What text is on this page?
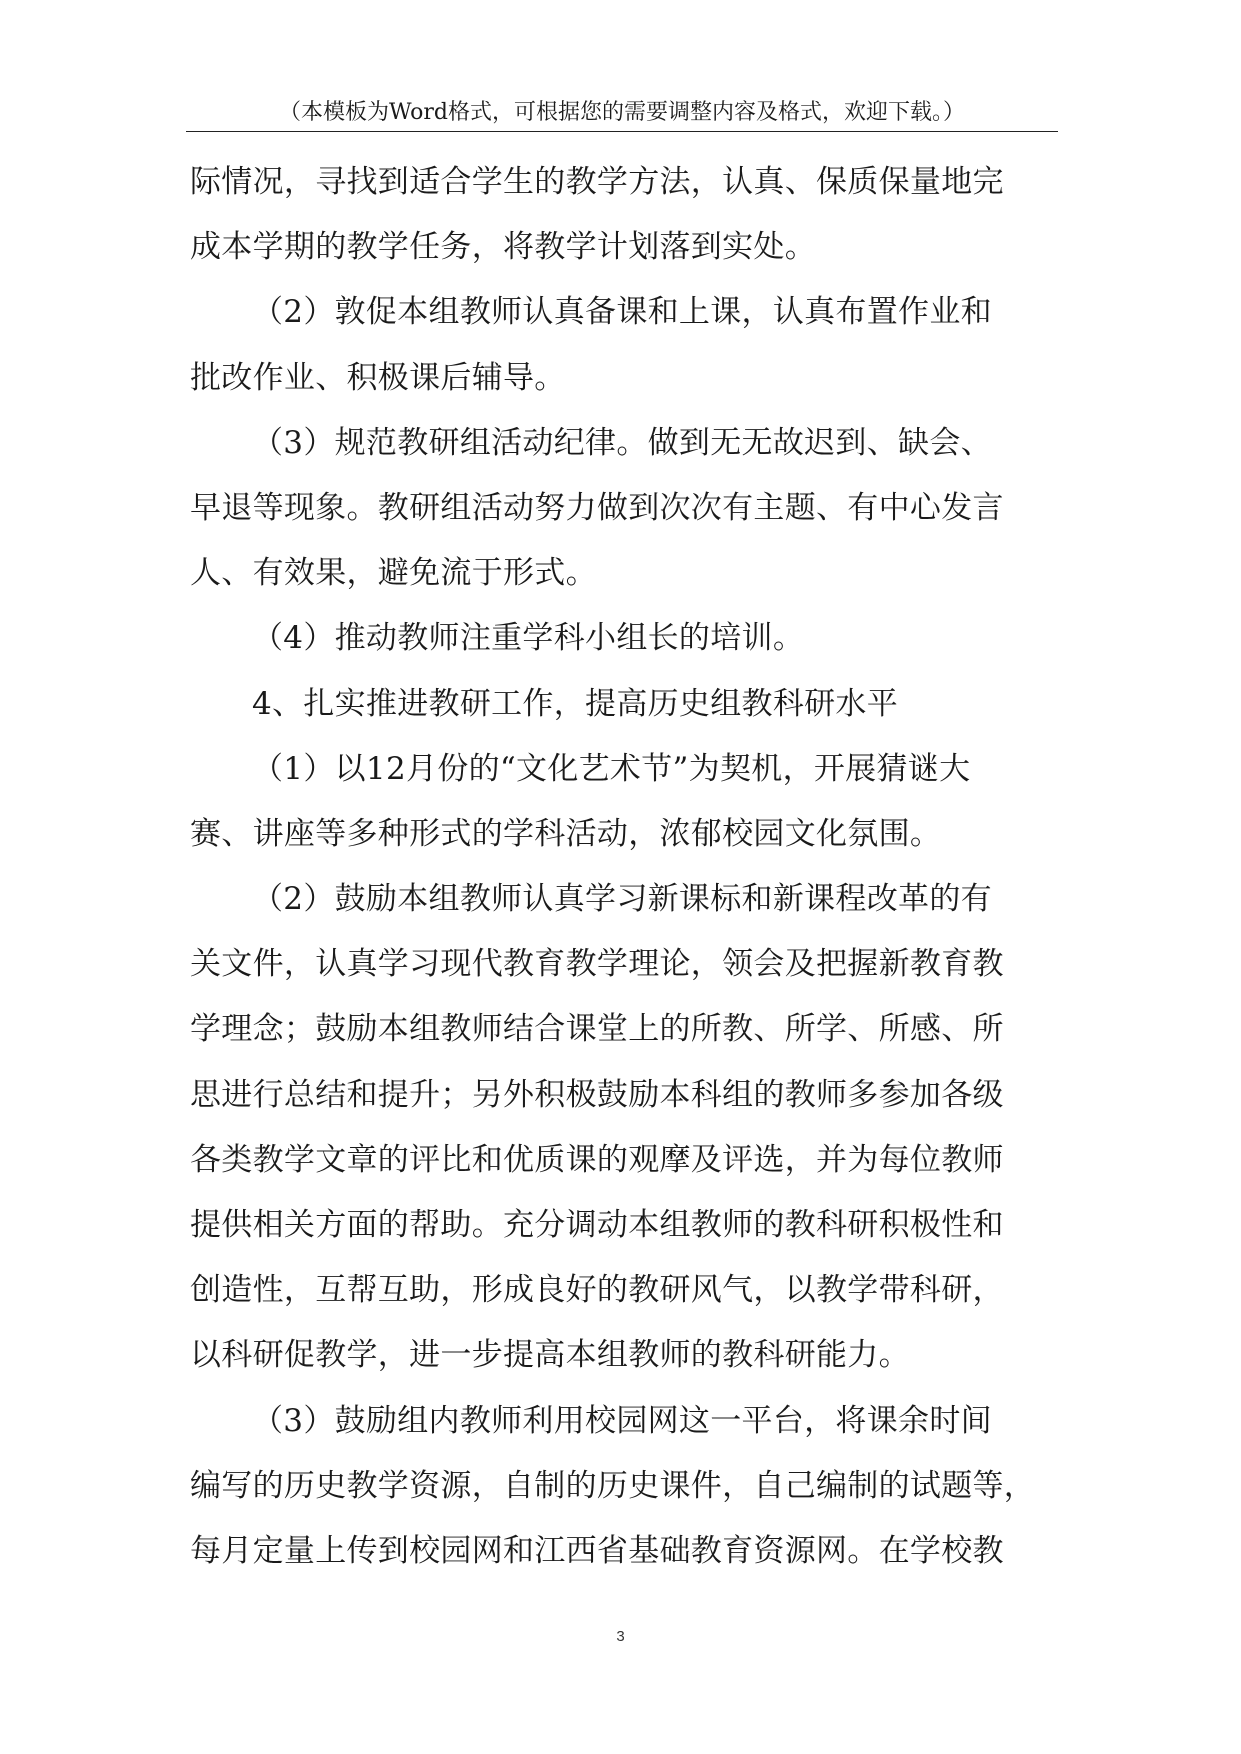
（本模板为Word格式，可根据您的需要调整内容及格式，欢迎下载。）
际情况，寻找到适合学生的教学方法，认真、保质保量地完
成本学期的教学任务，将教学计划落到实处。
（2）敦促本组教师认真备课和上课，认真布置作业和
批改作业、积极课后辅导。
（3）规范教研组活动纪律。做到无无故迟到、缺会、
早退等现象。教研组活动努力做到次次有主题、有中心发言
人、有效果，避免流于形式。
（4）推动教师注重学科小组长的培训。
4、扎实推进教研工作，提高历史组教科研水平
（1）以12月份的“文化艺术节”为契机，开展猜谜大
赛、讲座等多种形式的学科活动，浓郁校园文化氛围。
（2）鼓励本组教师认真学习新课标和新课程改革的有
关文件，认真学习现代教育教学理论，领会及把握新教育教
学理念；鼓励本组教师结合课堂上的所教、所学、所感、所
思进行总结和提升；另外积极鼓励本科组的教师多参加各级
各类教学文章的评比和优质课的观摩及评选，并为每位教师
提供相关方面的帮助。充分调动本组教师的教科研积极性和
创造性，互帮互助，形成良好的教研风气，以教学带科研，
以科研促教学，进一步提高本组教师的教科研能力。
（3）鼓励组内教师利用校园网这一平台，将课余时间
编写的历史教学资源，自制的历史课件，自己编制的试题等，
每月定量上传到校园网和江西省基础教育资源网。在学校教
3
